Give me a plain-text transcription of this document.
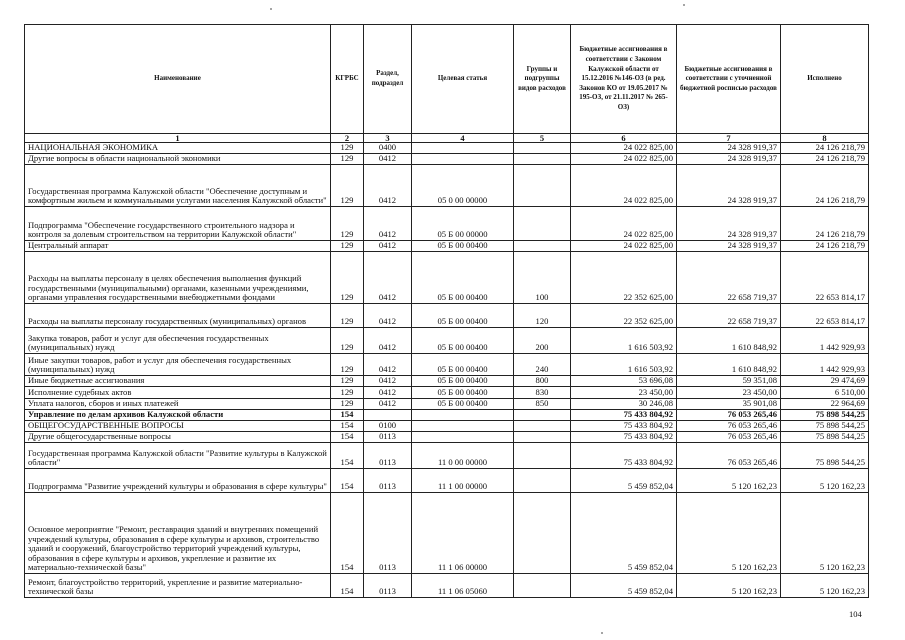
Наименование	КГРБС	Раздел, подраздел	Целевая статья	Группы и подгруппы видов расходов	Бюджетные ассигнования в соответствии с Законом Калужской области от 15.12.2016 №146-ОЗ (в ред. Законов КО от 19.05.2017 № 195-ОЗ, от 21.11.2017 № 265-ОЗ)	Бюджетные ассигнования в соответствии с уточненной бюджетной росписью расходов	Исполнено
1	2	3	4	5	6	7	8
НАЦИОНАЛЬНАЯ ЭКОНОМИКА	129	0400			24 022 825,00	24 328 919,37	24 126 218,79
Другие вопросы в области национальной экономики	129	0412			24 022 825,00	24 328 919,37	24 126 218,79
Государственная программа Калужской области "Обеспечение доступным и комфортным жильем и коммунальными услугами населения Калужской области"	129	0412	05 0 00 00000		24 022 825,00	24 328 919,37	24 126 218,79
Подпрограмма "Обеспечение государственного строительного надзора и контроля за долевым строительством на территории Калужской области"	129	0412	05 Б 00 00000		24 022 825,00	24 328 919,37	24 126 218,79
Центральный аппарат	129	0412	05 Б 00 00400		24 022 825,00	24 328 919,37	24 126 218,79
Расходы на выплаты персоналу в целях обеспечения выполнения функций государственными (муниципальными) органами, казенными учреждениями, органами управления государственными внебюджетными фондами	129	0412	05 Б 00 00400	100	22 352 625,00	22 658 719,37	22 653 814,17
Расходы на выплаты персоналу государственных (муниципальных) органов	129	0412	05 Б 00 00400	120	22 352 625,00	22 658 719,37	22 653 814,17
Закупка товаров, работ и услуг для обеспечения государственных (муниципальных) нужд	129	0412	05 Б 00 00400	200	1 616 503,92	1 610 848,92	1 442 929,93
Иные закупки товаров, работ и услуг для обеспечения государственных (муниципальных) нужд	129	0412	05 Б 00 00400	240	1 616 503,92	1 610 848,92	1 442 929,93
Иные бюджетные ассигнования	129	0412	05 Б 00 00400	800	53 696,08	59 351,08	29 474,69
Исполнение судебных актов	129	0412	05 Б 00 00400	830	23 450,00	23 450,00	6 510,00
Уплата налогов, сборов и иных платежей	129	0412	05 Б 00 00400	850	30 246,08	35 901,08	22 964,69
Управление по делам архивов Калужской области	154				75 433 804,92	76 053 265,46	75 898 544,25
ОБЩЕГОСУДАРСТВЕННЫЕ ВОПРОСЫ	154	0100			75 433 804,92	76 053 265,46	75 898 544,25
Другие общегосударственные вопросы	154	0113			75 433 804,92	76 053 265,46	75 898 544,25
Государственная программа Калужской области "Развитие культуры в Калужской области"	154	0113	11 0 00 00000		75 433 804,92	76 053 265,46	75 898 544,25
Подпрограмма "Развитие учреждений культуры и образования в сфере культуры"	154	0113	11 1 00 00000		5 459 852,04	5 120 162,23	5 120 162,23
Основное мероприятие "Ремонт, реставрация зданий и внутренних помещений учреждений культуры, образования в сфере культуры и архивов, строительство зданий и сооружений, благоустройство территорий учреждений культуры, образования в сфере культуры и архивов, укрепление и развитие их материально-технической базы"	154	0113	11 1 06 00000		5 459 852,04	5 120 162,23	5 120 162,23
Ремонт, благоустройство территорий, укрепление и развитие материально-технической базы	154	0113	11 1 06 05060		5 459 852,04	5 120 162,23	5 120 162,23
104
